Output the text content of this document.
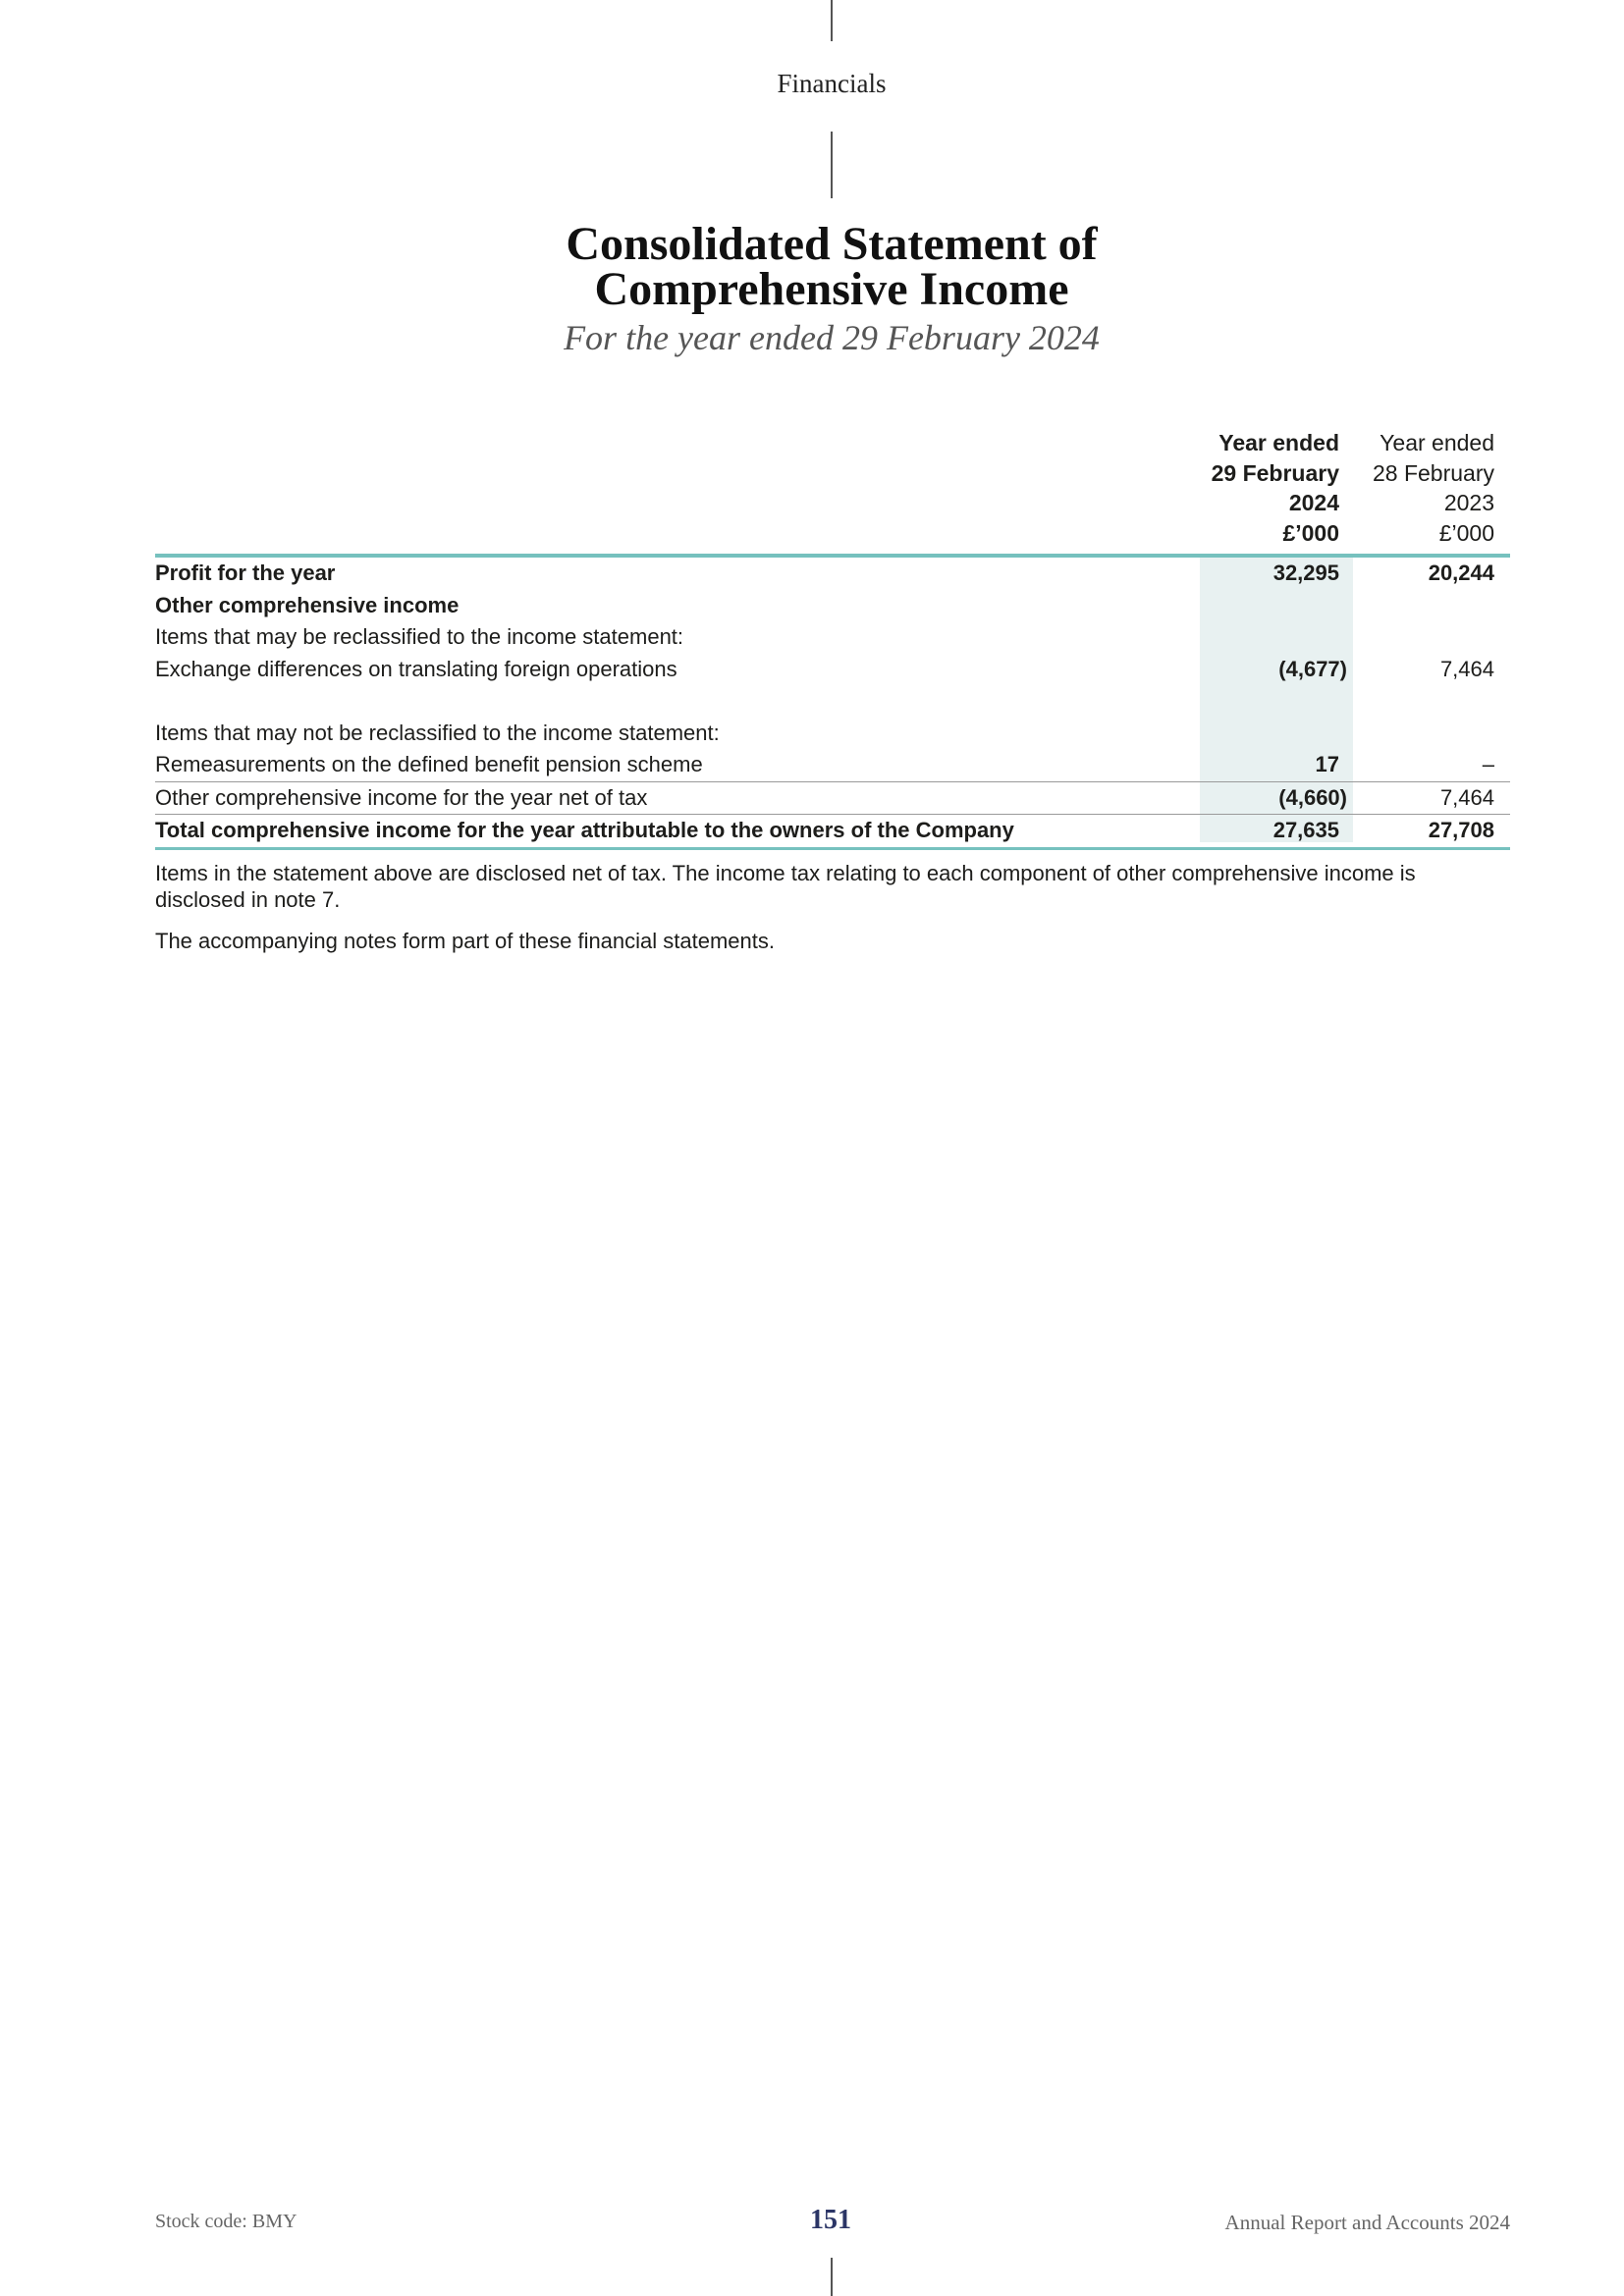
Financials
Consolidated Statement of
Comprehensive Income
For the year ended 29 February 2024
Year ended
29 February
2024
£’000
Year ended
28 February
2023
£’000
Profit for the year	32,295	20,244
Other comprehensive income
Items that may be reclassified to the income statement:
Exchange differences on translating foreign operations	(4,677)	7,464
Items that may not be reclassified to the income statement:
Remeasurements on the defined benefit pension scheme	17	–
Other comprehensive income for the year net of tax	(4,660)	7,464
Total comprehensive income for the year attributable to the owners of the Company	27,635	27,708

Items in the statement above are disclosed net of tax. The income tax relating to each component of other comprehensive income is disclosed in note 7.

The accompanying notes form part of these financial statements.

Stock code: BMY	151	Annual Report and Accounts 2024
